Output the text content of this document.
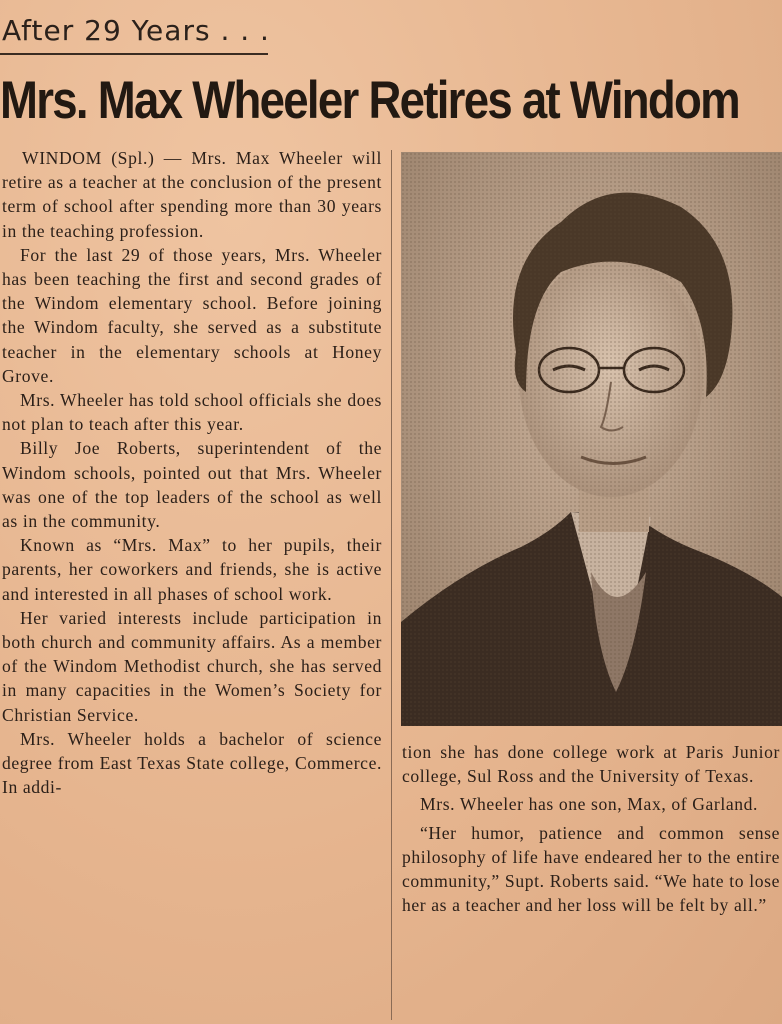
After 29 Years . . .
Mrs. Max Wheeler Retires at Windom

WINDOM (Spl.) — Mrs. Max Wheeler will retire as a teacher at the conclusion of the present term of school after spending more than 30 years in the teaching profession.

For the last 29 of those years, Mrs. Wheeler has been teaching the first and second grades of the Windom elementary school. Before joining the Windom faculty, she served as a substitute teacher in the elementary schools at Honey Grove.

Mrs. Wheeler has told school officials she does not plan to teach after this year.

Billy Joe Roberts, superintendent of the Windom schools, pointed out that Mrs. Wheeler was one of the top leaders of the school as well as in the community.

Known as “Mrs. Max” to her pupils, their parents, her coworkers and friends, she is active and interested in all phases of school work.

Her varied interests include participation in both church and community affairs. As a member of the Windom Methodist church, she has served in many capacities in the Women’s Society for Christian Service.

Mrs. Wheeler holds a bachelor of science degree from East Texas State college, Commerce. In addi-

tion she has done college work at Paris Junior college, Sul Ross and the University of Texas.

Mrs. Wheeler has one son, Max, of Garland.

“Her humor, patience and common sense philosophy of life have endeared her to the entire community,” Supt. Roberts said. “We hate to lose her as a teacher and her loss will be felt by all.”
